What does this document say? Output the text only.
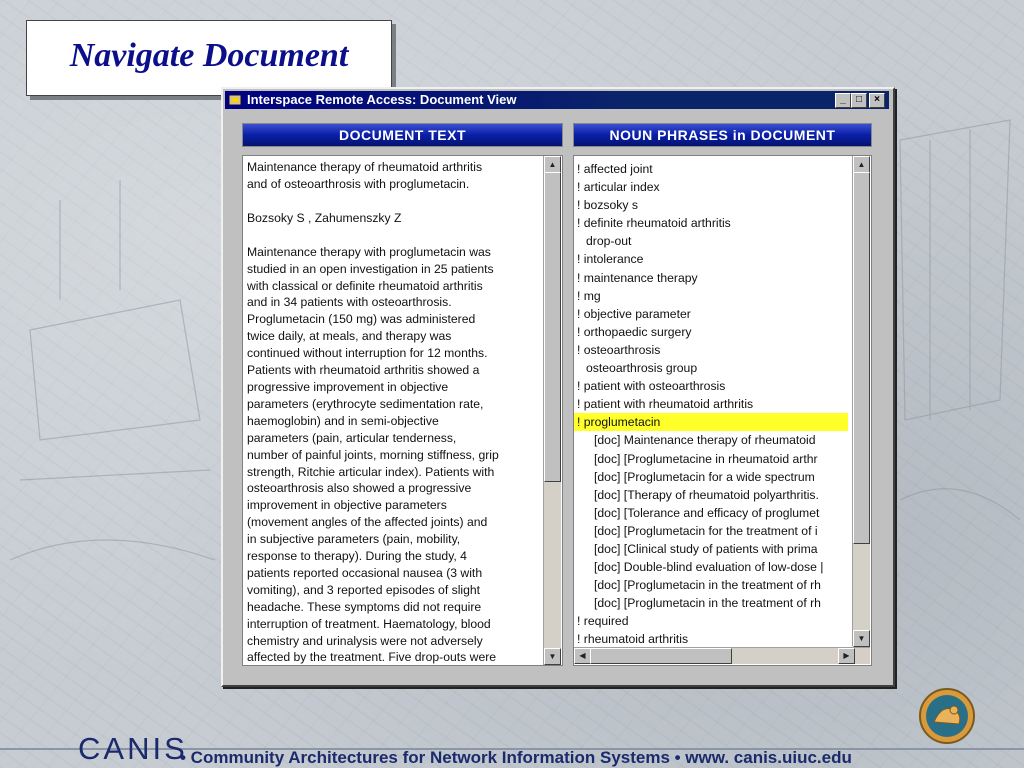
Navigate Document
Interspace Remote Access: Document View	_	□	×
DOCUMENT TEXT	NOUN PHRASES in DOCUMENT

Maintenance therapy of rheumatoid arthritis

and of osteoarthrosis with proglumetacin.

Bozsoky S , Zahumenszky Z

Maintenance therapy with proglumetacin was

studied in an open investigation in 25 patients

with classical or definite rheumatoid arthritis

and in 34 patients with osteoarthrosis.

Proglumetacin (150 mg) was administered

twice daily, at meals, and therapy was

continued without interruption for 12 months.

Patients with rheumatoid arthritis showed a

progressive improvement in objective

parameters (erythrocyte sedimentation rate,

haemoglobin) and in semi-objective

parameters (pain, articular tenderness,

number of painful joints, morning stiffness, grip

strength, Ritchie articular index). Patients with

osteoarthrosis also showed a progressive

improvement in objective parameters

(movement angles of the affected joints) and

in subjective parameters (pain, mobility,

response to therapy). During the study, 4

patients reported occasional nausea (3 with

vomiting), and 3 reported episodes of slight

headache. These symptoms did not require

interruption of treatment. Haematology, blood

chemistry and urinalysis were not adversely

affected by the treatment. Five drop-outs were

▲
▼
! affected joint
! articular index
! bozsoky s
! definite rheumatoid arthritis
drop-out
! intolerance
! maintenance therapy
! mg
! objective parameter
! orthopaedic surgery
! osteoarthrosis
osteoarthrosis group
! patient with osteoarthrosis
! patient with rheumatoid arthritis
! proglumetacin
[doc] Maintenance therapy of rheumatoid
[doc] [Proglumetacine in rheumatoid arthr
[doc] [Proglumetacin for a wide spectrum
[doc] [Therapy of rheumatoid polyarthritis.
[doc] [Tolerance and efficacy of proglumet
[doc] [Proglumetacin for the treatment of i
[doc] [Clinical study of patients with prima
[doc] Double-blind evaluation of low-dose |
[doc] [Proglumetacin in the treatment of rh
[doc] [Proglumetacin in the treatment of rh
! required
! rheumatoid arthritis
▲
▼
◀	▶
CANIS
• Community Architectures for Network Information Systems • www. canis.uiuc.edu
